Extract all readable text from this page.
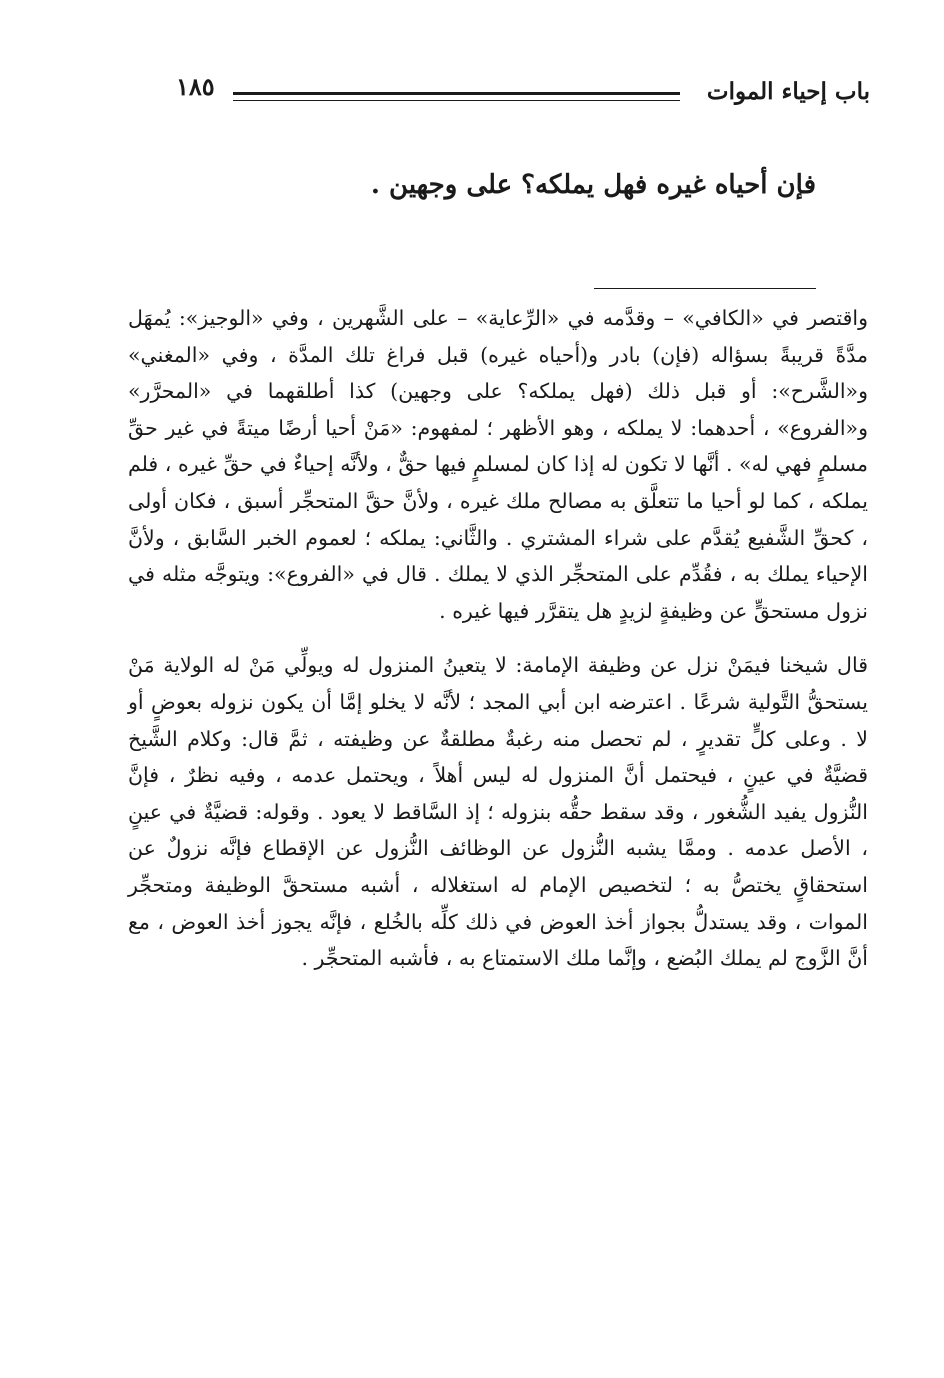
باب إحياء الموات
١٨٥
فإن أحياه غيره فهل يملكه؟ على وجهين .

واقتصر في «الكافي» – وقدَّمه في «الرِّعاية» – على الشَّهرين ، وفي «الوجيز»: يُمهَل مدَّةً قريبةً بسؤاله (فإن) بادر و(أحياه غيره) قبل فراغ تلك المدَّة ، وفي «المغني» و«الشَّرح»: أو قبل ذلك (فهل يملكه؟ على وجهين) كذا أطلقهما في «المحرَّر» و«الفروع» ، أحدهما: لا يملكه ، وهو الأظهر ؛ لمفهوم: «مَنْ أحيا أرضًا ميتةً في غير حقِّ مسلمٍ فهي له» . أنَّها لا تكون له إذا كان لمسلمٍ فيها حقٌّ ، ولأنَّه إحياءٌ في حقِّ غيره ، فلم يملكه ، كما لو أحيا ما تتعلَّق به مصالح ملك غيره ، ولأنَّ حقَّ المتحجِّر أسبق ، فكان أولى ، كحقِّ الشَّفيع يُقدَّم على شراء المشتري . والثَّاني: يملكه ؛ لعموم الخبر السَّابق ، ولأنَّ الإحياء يملك به ، فقُدِّم على المتحجِّر الذي لا يملك . قال في «الفروع»: ويتوجَّه مثله في نزول مستحقٍّ عن وظيفةٍ لزيدٍ هل يتقرَّر فيها غيره .

قال شيخنا فيمَنْ نزل عن وظيفة الإمامة: لا يتعينُ المنزول له ويولِّي مَنْ له الولاية مَنْ يستحقُّ التَّولية شرعًا . اعترضه ابن أبي المجد ؛ لأنَّه لا يخلو إمَّا أن يكون نزوله بعوضٍ أو لا . وعلى كلٍّ تقديرٍ ، لم تحصل منه رغبةٌ مطلقةٌ عن وظيفته ، ثمَّ قال: وكلام الشَّيخ قضيَّةٌ في عينٍ ، فيحتمل أنَّ المنزول له ليس أهلاً ، ويحتمل عدمه ، وفيه نظرٌ ، فإنَّ النُّزول يفيد الشُّغور ، وقد سقط حقُّه بنزوله ؛ إذ السَّاقط لا يعود . وقوله: قضيَّةٌ في عينٍ ، الأصل عدمه . وممَّا يشبه النُّزول عن الوظائف النُّزول عن الإقطاع فإنَّه نزولٌ عن استحقاقٍ يختصُّ به ؛ لتخصيص الإمام له استغلاله ، أشبه مستحقَّ الوظيفة ومتحجِّر الموات ، وقد يستدلُّ بجواز أخذ العوض في ذلك كلِّه بالخُلع ، فإنَّه يجوز أخذ العوض ، مع أنَّ الزَّوج لم يملك البُضع ، وإنَّما ملك الاستمتاع به ، فأشبه المتحجِّر .
